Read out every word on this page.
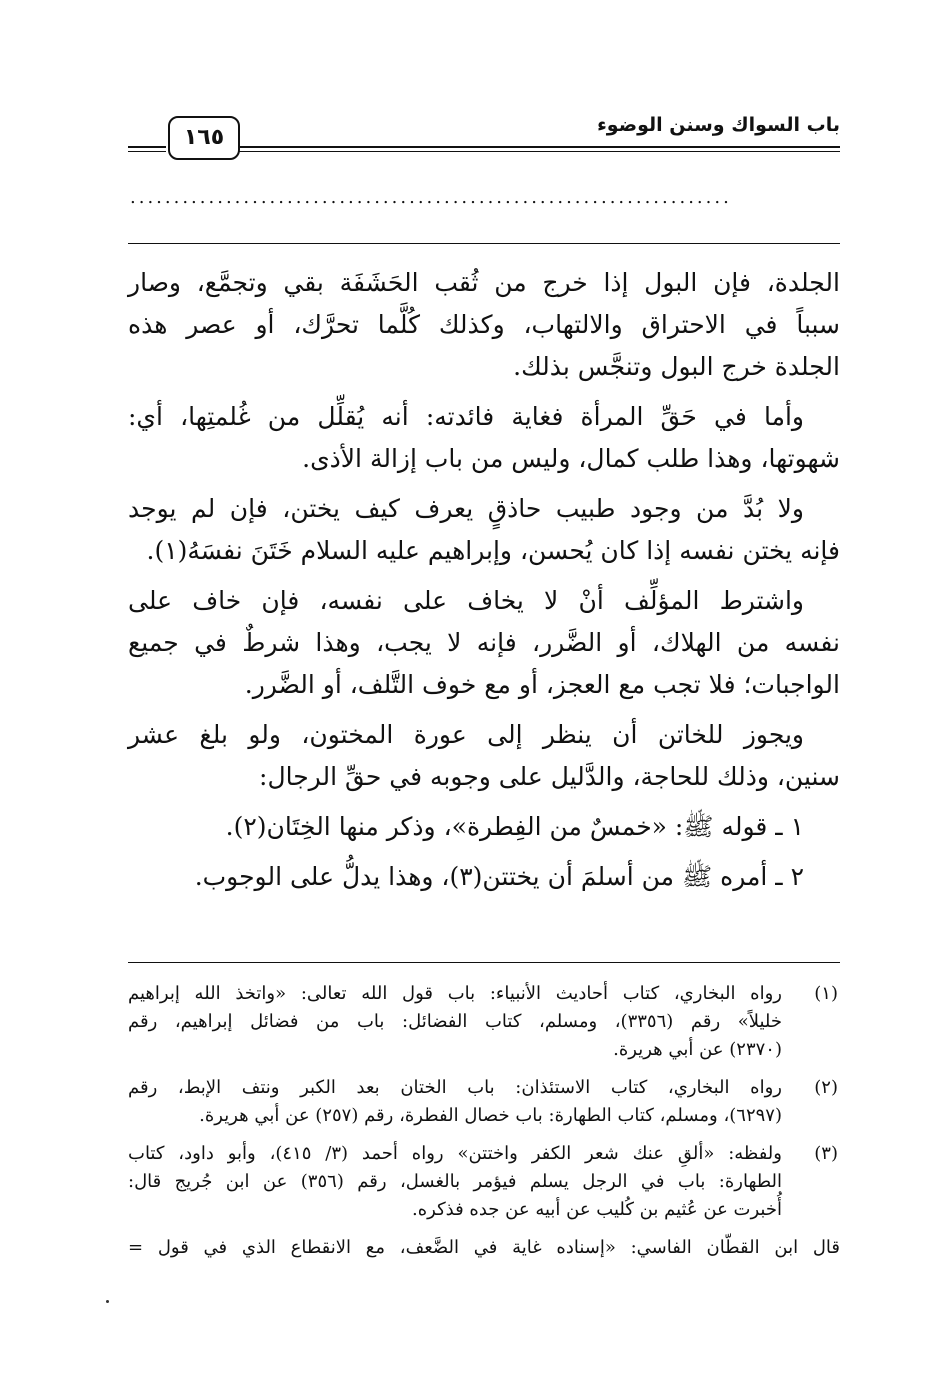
باب السواك وسنن الوضوء
١٦٥
.....................................................................
الجلدة، فإن البول إذا خرج من ثُقب الحَشَفَة بقي وتجمَّع، وصار
سبباً في الاحتراق والالتهاب، وكذلك كُلَّما تحرَّك، أو عصر هذه
الجلدة خرج البول وتنجَّس بذلك.
وأما في حَقِّ المرأة فغاية فائدته: أنه يُقلِّل من غُلمتِها، أي:
شهوتها، وهذا طلب كمال، وليس من باب إزالة الأذى.
ولا بُدَّ من وجود طبيب حاذقٍ يعرف كيف يختن، فإن لم يوجد
فإنه يختن نفسه إذا كان يُحسن، وإبراهيم عليه السلام خَتَنَ نفسَهُ(١).
واشترط المؤلِّف أنْ لا يخاف على نفسه، فإن خاف على
نفسه من الهلاك، أو الضَّرر، فإنه لا يجب، وهذا شرطٌ في جميع
الواجبات؛ فلا تجب مع العجز، أو مع خوف التَّلف، أو الضَّرر.
ويجوز للخاتن أن ينظر إلى عورة المختون، ولو بلغ عشر
سنين، وذلك للحاجة، والدَّليل على وجوبه في حقِّ الرجال:
١ ـ قوله ﷺ: «خمسٌ من الفِطرة»، وذكر منها الخِتَان(٢).
٢ ـ أمره ﷺ من أسلمَ أن يختتن(٣)، وهذا يدلُّ على الوجوب.
(١)
رواه البخاري، كتاب أحاديث الأنبياء: باب قول الله تعالى: «واتخذ الله إبراهيم
خليلاً» رقم (٣٣٥٦)، ومسلم، كتاب الفضائل: باب من فضائل إبراهيم، رقم
(٢٣٧٠) عن أبي هريرة.
(٢)
رواه البخاري، كتاب الاستئذان: باب الختان بعد الكبر ونتف الإبط، رقم
(٦٢٩٧)، ومسلم، كتاب الطهارة: باب خصال الفطرة، رقم (٢٥٧) عن أبي هريرة.
(٣)
ولفظه: «ألقِ عنك شعر الكفر واختتن» رواه أحمد (٣/ ٤١٥)، وأبو داود، كتاب
الطهارة: باب في الرجل يسلم فيؤمر بالغسل، رقم (٣٥٦) عن ابن جُريج قال:
أُخبرت عن عُثيم بن كُليب عن أبيه عن جده فذكره.
قال ابن القطّان الفاسي: «إسناده غاية في الضَّعف، مع الانقطاع الذي في قول =
